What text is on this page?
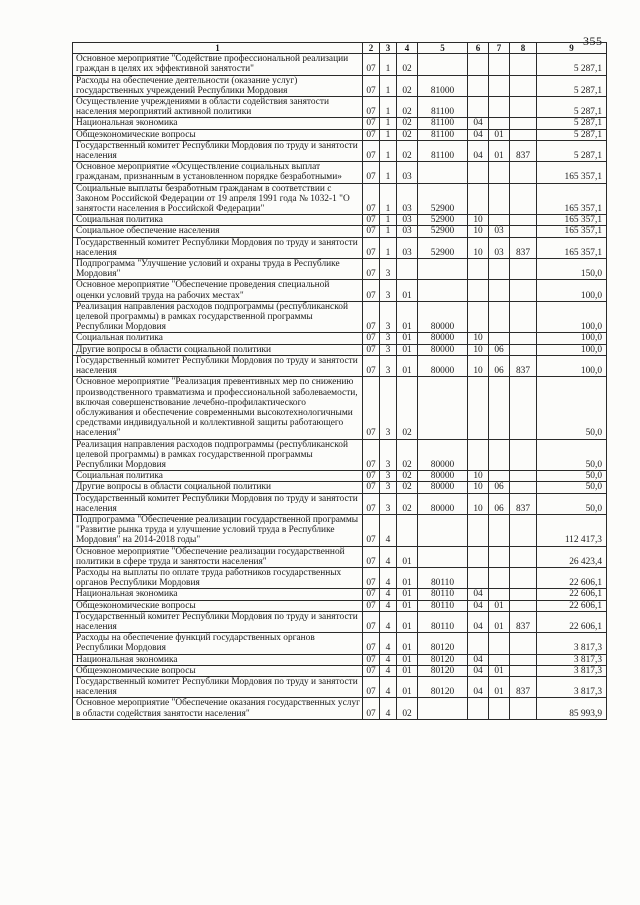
355
1	2	3	4	5	6	7	8	9
Основное мероприятие "Содействие профессиональной реализации граждан в целях их эффективной занятости"	07	1	02					5 287,1
Расходы на обеспечение деятельности (оказание услуг) государственных учреждений Республики Мордовия	07	1	02	81000				5 287,1
Осуществление учреждениями в области содействия занятости населения мероприятий активной политики	07	1	02	81100				5 287,1
Национальная экономика	07	1	02	81100	04			5 287,1
Общеэкономические вопросы	07	1	02	81100	04	01		5 287,1
Государственный комитет Республики Мордовия по труду и занятости населения	07	1	02	81100	04	01	837	5 287,1
Основное мероприятие «Осуществление социальных выплат гражданам, признанным в установленном порядке безработными»	07	1	03					165 357,1
Социальные выплаты безработным гражданам в соответствии с Законом Российской Федерации от 19 апреля 1991 года № 1032-1 "О занятости населения в Российской Федерации"	07	1	03	52900				165 357,1
Социальная политика	07	1	03	52900	10			165 357,1
Социальное обеспечение населения	07	1	03	52900	10	03		165 357,1
Государственный комитет Республики Мордовия по труду и занятости населения	07	1	03	52900	10	03	837	165 357,1
Подпрограмма "Улучшение условий и охраны труда в Республике Мордовия"	07	3						150,0
Основное мероприятие "Обеспечение проведения специальной оценки условий труда на рабочих местах"	07	3	01					100,0
Реализация направления расходов подпрограммы (республиканской целевой программы) в рамках государственной программы Республики Мордовия	07	3	01	80000				100,0
Социальная политика	07	3	01	80000	10			100,0
Другие вопросы в области социальной политики	07	3	01	80000	10	06		100,0
Государственный комитет Республики Мордовия по труду и занятости населения	07	3	01	80000	10	06	837	100,0
Основное мероприятие "Реализация превентивных мер по снижению производственного травматизма и профессиональной заболеваемости, включая совершенствование лечебно-профилактического обслуживания и обеспечение современными высокотехнологичными средствами индивидуальной и коллективной защиты работающего населения"	07	3	02					50,0
Реализация направления расходов подпрограммы (республиканской целевой программы) в рамках государственной программы Республики Мордовия	07	3	02	80000				50,0
Социальная политика	07	3	02	80000	10			50,0
Другие вопросы в области социальной политики	07	3	02	80000	10	06		50,0
Государственный комитет Республики Мордовия по труду и занятости населения	07	3	02	80000	10	06	837	50,0
Подпрограмма "Обеспечение реализации государственной программы "Развитие рынка труда и улучшение условий труда в Республике Мордовия" на 2014-2018 годы"	07	4						112 417,3
Основное мероприятие "Обеспечение реализации государственной политики в сфере труда и занятости населения"	07	4	01					26 423,4
Расходы на выплаты по оплате труда работников государственных органов Республики Мордовия	07	4	01	80110				22 606,1
Национальная экономика	07	4	01	80110	04			22 606,1
Общеэкономические вопросы	07	4	01	80110	04	01		22 606,1
Государственный комитет Республики Мордовия по труду и занятости населения	07	4	01	80110	04	01	837	22 606,1
Расходы на обеспечение функций государственных органов Республики Мордовия	07	4	01	80120				3 817,3
Национальная экономика	07	4	01	80120	04			3 817,3
Общеэкономические вопросы	07	4	01	80120	04	01		3 817,3
Государственный комитет Республики Мордовия по труду и занятости населения	07	4	01	80120	04	01	837	3 817,3
Основное мероприятие "Обеспечение оказания государственных услуг в области содействия занятости населения"	07	4	02					85 993,9
